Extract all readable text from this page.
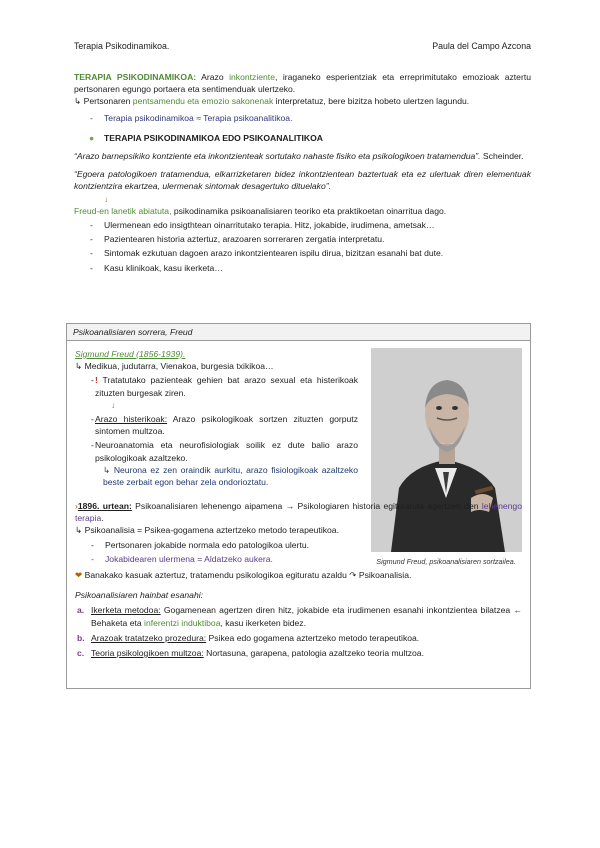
Terapia Psikodinamikoa.	Paula del Campo Azcona

TERAPIA PSIKODINAMIKOA: Arazo inkontziente, iraganeko esperientziak eta erreprimitutako emozioak aztertu pertsonaren egungo portaera eta sentimenduak ulertzeko.

↳ Pertsonaren pentsamendu eta emozio sakonenak interpretatuz, bere bizitza hobeto ulertzen lagundu.

- Terapia psikodinamikoa ≈ Terapia psikoanalitikoa.
● TERAPIA PSIKODINAMIKOA EDO PSIKOANALITIKOA

“Arazo barnepsikiko kontziente eta inkontzienteak sortutako nahaste fisiko eta psikologikoen tratamendua”. Scheinder.

“Egoera patologikoen tratamendua, elkarrizketaren bidez inkontzientean baztertuak eta ez ulertuak diren elementuak kontzientzira ekartzea, ulermenak sintomak desagertuko dituelako”.

↓

Freud-en lanetik abiatuta, psikodinamika psikoanalisiaren teoriko eta praktikoetan oinarritua dago.

- Ulermenean edo insigthtean oinarritutako terapia. Hitz, jokabide, irudimena, ametsak…
- Pazientearen historia aztertuz, arazoaren sorreraren zergatia interpretatu.
- Sintomak ezkutuan dagoen arazo inkontzientearen ispilu dirua, bizitzan esanahi bat dute.
- Kasu klinikoak, kasu ikerketa…
Psikoanalisiaren sorrera, Freud
Sigmund Freud (1856-1939).
↳ Medikua, judutarra, Vienakoa, burgesia txikikoa…

- ! Tratatutako pazienteak gehien bat arazo sexual eta histerikoak zituzten burgesak ziren.

↓

- Arazo histerikoak: Arazo psikologikoak sortzen zituzten gorputz sintomen multzoa.

- Neuroanatomia eta neurofisiologiak soilik ez dute balio arazo psikologikoak azaltzeko.

↳ Neurona ez zen oraindik aurkitu, arazo fisiologikoak azaltzeko beste zerbait egon behar zela ondorioztatu.

Sigmund Freud, psikoanalisiaren sortzailea.

›1896. urtean: Psikoanalisiaren lehenengo aipamena → Psikologiaren historia egituratuta agertzen den lehenengo terapia.

↳ Psikoanalisia = Psikea-gogamena aztertzeko metodo terapeutikoa.

- Pertsonaren jokabide normala edo patologikoa ulertu.
- Jokabidearen ulermena = Aldatzeko aukera.

❤ Banakako kasuak aztertuz, tratamendu psikologikoa egituratu azaldu ↷ Psikoanalisia.

Psikoanalisiaren hainbat esanahi:
a. Ikerketa metodoa: Gogamenean agertzen diren hitz, jokabide eta irudimenen esanahi inkontzientea bilatzea ← Behaketa eta inferentzi induktiboa, kasu ikerketen bidez.

b. Arazoak tratatzeko prozedura: Psikea edo gogamena aztertzeko metodo terapeutikoa.

c. Teoria psikologikoen multzoa: Nortasuna, garapena, patologia azaltzeko teoria multzoa.
